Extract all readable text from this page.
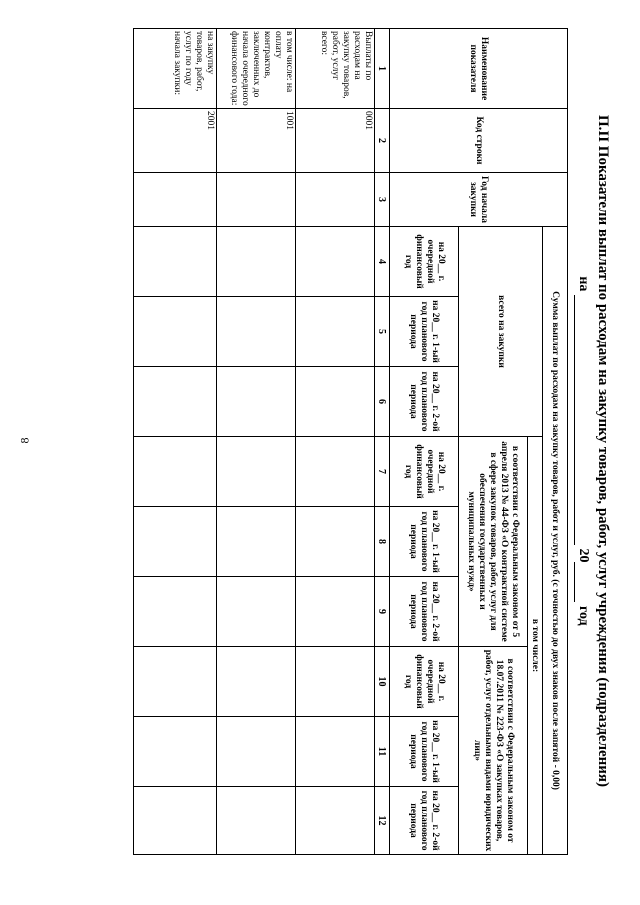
8	П.II Показатели выплат по расходам на закупку товаров, работ, услуг учреждения (подразделения)
на  20 год
Наименование показателя	Код строки	Год начала закупки	Сумма выплат по расходам на закупку товаров, работ и услуг, руб. (с точностью до двух знаков после запятой - 0,00)								
			всего на закупки			в том числе:					
						в соответствии с Федеральным законом от 5 апреля 2013 № 44-ФЗ «О контрактной системе в сфере закупок товаров, работ, услуг для обеспечения государственных и муниципальных нужд»			в соответствии с Федеральным законом от 18.07.2011 № 223-ФЗ «О закупках товаров, работ, услуг отдельными видами юридических лиц»		
			на 20__ г. очередной финансовый год	на 20__ г. 1-ый год планового периода	на 20__ г. 2-ой год планового периода	на 20__ г. очередной финансовый год	на 20__ г. 1-ый год планового периода	на 20__ г. 2-ой год планового периода	на 20__ г. очередной финансовый год	на 20__ г. 1-ый год планового периода	на 20__ г. 2-ой год планового периода
1	2	3	4	5	6	7	8	9	10	11	12
Выплаты по расходам на закупку товаров, работ, услуг всего:	0001										
в том числе: на оплату контрактов, заключенных до начала очередного финансового года:	1001										
на закупку товаров, работ, услуг по году начала закупки:	2001										
